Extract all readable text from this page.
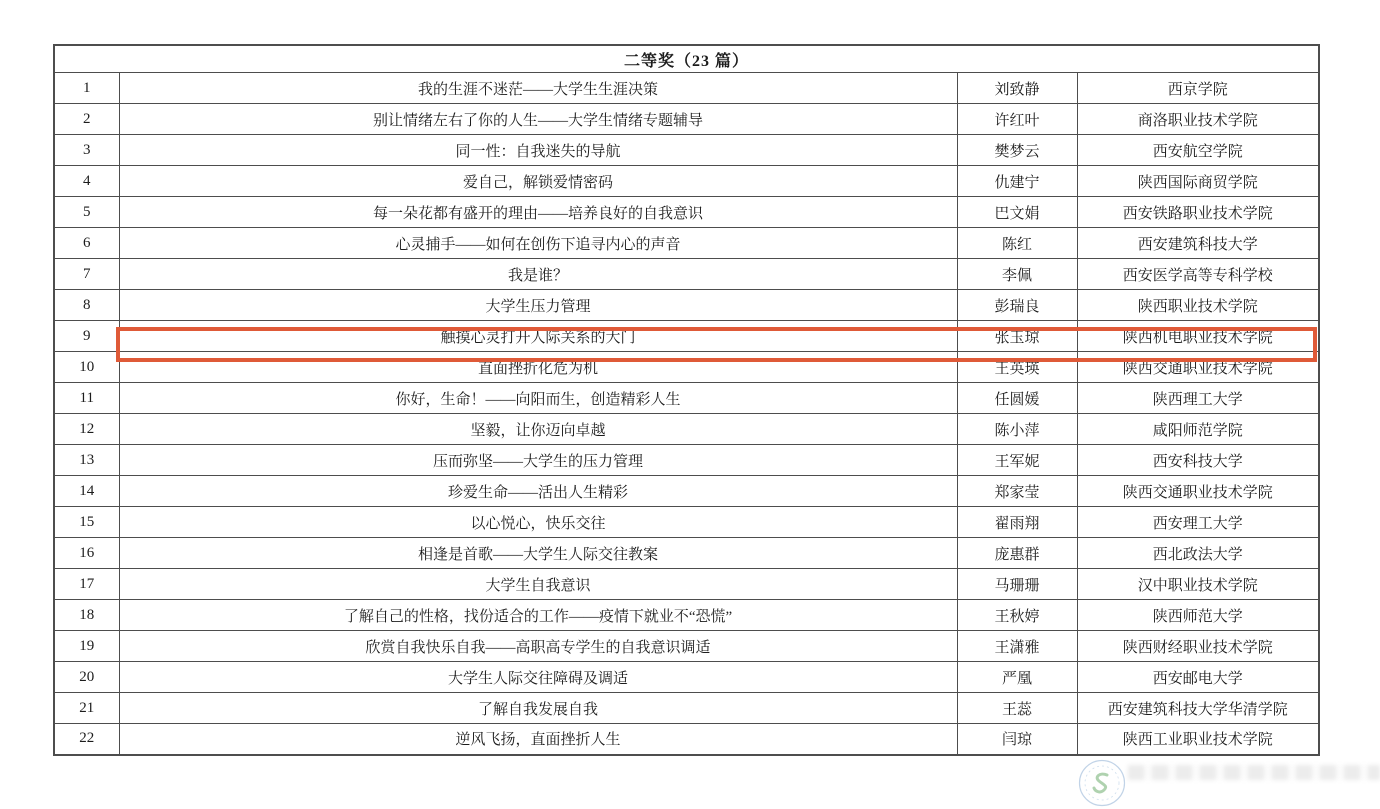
二等奖（23 篇）			
1	我的生涯不迷茫——大学生生涯决策	刘致静	西京学院
2	别让情绪左右了你的人生——大学生情绪专题辅导	许红叶	商洛职业技术学院
3	同一性：自我迷失的导航	樊梦云	西安航空学院
4	爱自己，解锁爱情密码	仇建宁	陕西国际商贸学院
5	每一朵花都有盛开的理由——培养良好的自我意识	巴文娟	西安铁路职业技术学院
6	心灵捕手——如何在创伤下追寻内心的声音	陈红	西安建筑科技大学
7	我是谁？	李佩	西安医学高等专科学校
8	大学生压力管理	彭瑞良	陕西职业技术学院
9	触摸心灵打开人际关系的大门	张玉琼	陕西机电职业技术学院
10	直面挫折化危为机	王英瑛	陕西交通职业技术学院
11	你好，生命！——向阳而生，创造精彩人生	任圆媛	陕西理工大学
12	坚毅，让你迈向卓越	陈小萍	咸阳师范学院
13	压而弥坚——大学生的压力管理	王军妮	西安科技大学
14	珍爱生命——活出人生精彩	郑家莹	陕西交通职业技术学院
15	以心悦心，快乐交往	翟雨翔	西安理工大学
16	相逢是首歌——大学生人际交往教案	庞惠群	西北政法大学
17	大学生自我意识	马珊珊	汉中职业技术学院
18	了解自己的性格，找份适合的工作——疫情下就业不“恐慌”	王秋婷	陕西师范大学
19	欣赏自我快乐自我——高职高专学生的自我意识调适	王潇雅	陕西财经职业技术学院
20	大学生人际交往障碍及调适	严凰	西安邮电大学
21	了解自我发展自我	王蕊	西安建筑科技大学华清学院
22	逆风飞扬，直面挫折人生	闫琼	陕西工业职业技术学院
